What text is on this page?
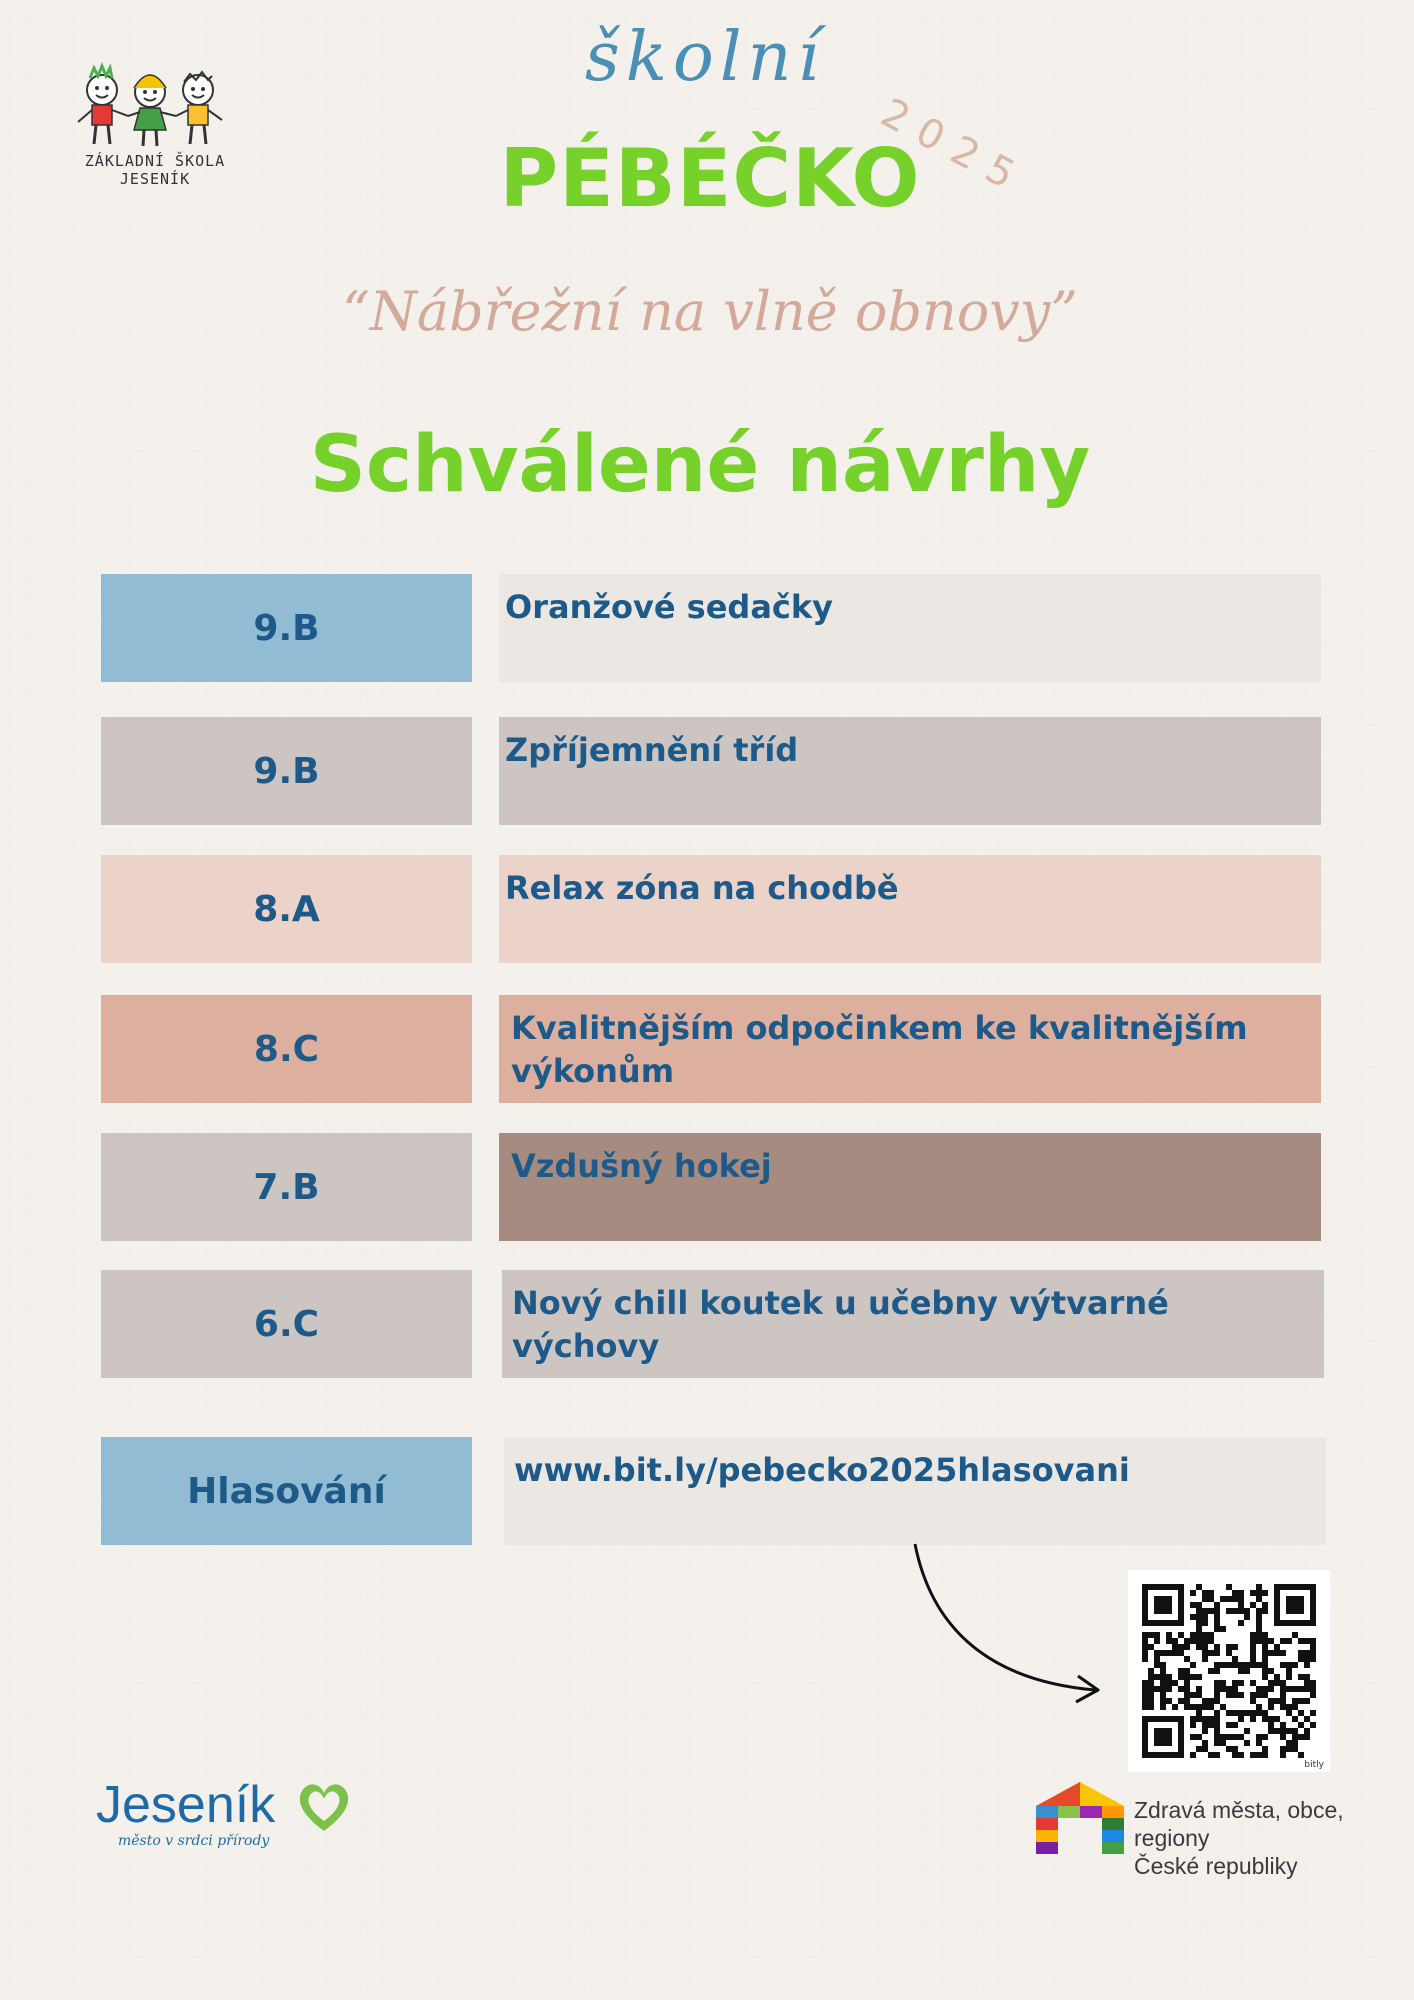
ZÁKLADNÍ ŠKOLA JESENÍK
školní
2025
PÉBÉČKO
“Nábřežní na vlně obnovy”
Schválené návrhy
9.B
Oranžové sedačky
9.B
Zpříjemnění tříd
8.A
Relax zóna na chodbě
8.C
Kvalitnějším odpočinkem ke kvalitnějším výkonům
7.B
Vzdušný hokej
6.C
Nový chill koutek u učebny výtvarné výchovy
Hlasování
www.bit.ly/pebecko2025hlasovani
bitly
Jeseník
město v srdci přírody
Zdravá města, obce, regiony
České republiky
